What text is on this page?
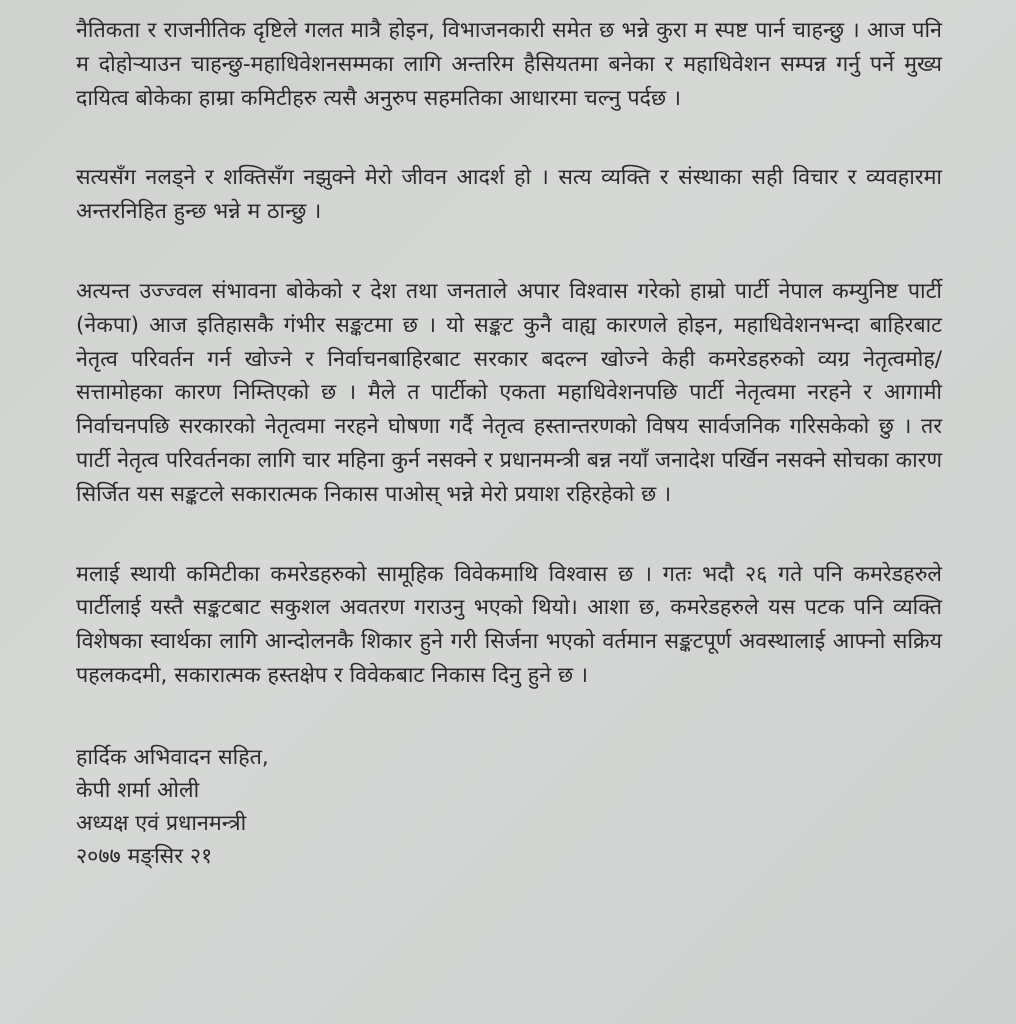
नैतिकता र राजनीतिक दृष्टिले गलत मात्रै होइन, विभाजनकारी समेत छ भन्ने कुरा म स्पष्ट पार्न चाहन्छु । आज पनि म दोहोऱ्याउन चाहन्छु-महाधिवेशनसम्मका लागि अन्तरिम हैसियतमा बनेका र महाधिवेशन सम्पन्न गर्नु पर्ने मुख्य दायित्व बोकेका हाम्रा कमिटीहरु त्यसै अनुरुप सहमतिका आधारमा चल्नु पर्दछ ।

सत्यसँग नलड्ने र शक्तिसँग नझुक्ने मेरो जीवन आदर्श हो । सत्य व्यक्ति र संस्थाका सही विचार र व्यवहारमा अन्तरनिहित हुन्छ भन्ने म ठान्छु ।

अत्यन्त उज्ज्वल संभावना बोकेको र देश तथा जनताले अपार विश्वास गरेको हाम्रो पार्टी नेपाल कम्युनिष्ट पार्टी (नेकपा) आज इतिहासकै गंभीर सङ्कटमा छ । यो सङ्कट कुनै वाह्य कारणले होइन, महाधिवेशनभन्दा बाहिरबाट नेतृत्व परिवर्तन गर्न खोज्ने र निर्वाचनबाहिरबाट सरकार बदल्न खोज्ने केही कमरेडहरुको व्यग्र नेतृत्वमोह/सत्तामोहका कारण निम्तिएको छ । मैले त पार्टीको एकता महाधिवेशनपछि पार्टी नेतृत्वमा नरहने र आगामी निर्वाचनपछि सरकारको नेतृत्वमा नरहने घोषणा गर्दै नेतृत्व हस्तान्तरणको विषय सार्वजनिक गरिसकेको छु । तर पार्टी नेतृत्व परिवर्तनका लागि चार महिना कुर्न नसक्ने र प्रधानमन्त्री बन्न नयाँ जनादेश पर्खिन नसक्ने सोचका कारण सिर्जित यस सङ्कटले सकारात्मक निकास पाओस् भन्ने मेरो प्रयाश रहिरहेको छ ।

मलाई स्थायी कमिटीका कमरेडहरुको सामूहिक विवेकमाथि विश्वास छ । गतः भदौ २६ गते पनि कमरेडहरुले पार्टीलाई यस्तै सङ्कटबाट सकुशल अवतरण गराउनु भएको थियो। आशा छ, कमरेडहरुले यस पटक पनि व्यक्ति विशेषका स्वार्थका लागि आन्दोलनकै शिकार हुने गरी सिर्जना भएको वर्तमान सङ्कटपूर्ण अवस्थालाई आफ्नो सक्रिय पहलकदमी, सकारात्मक हस्तक्षेप र विवेकबाट निकास दिनु हुने छ ।

हार्दिक अभिवादन सहित,
केपी शर्मा ओली
अध्यक्ष एवं प्रधानमन्त्री
२०७७ मङ्सिर २१
